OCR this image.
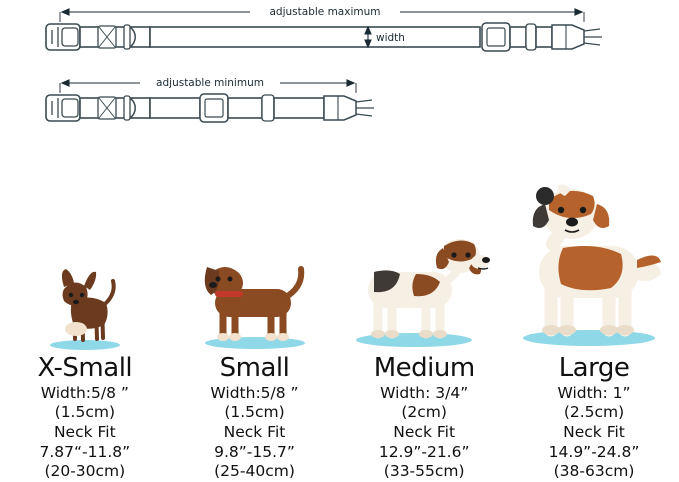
adjustable maximum
width
adjustable minimum
X-Small
Width:5/8 ”
(1.5cm)
Neck Fit
7.87“-11.8”
(20-30cm)
Small
Width:5/8 ”
(1.5cm)
Neck Fit
9.8”-15.7”
(25-40cm)
Medium
Width: 3/4”
(2cm)
Neck Fit
12.9”-21.6”
(33-55cm)
Large
Width: 1”
(2.5cm)
Neck Fit
14.9”-24.8”
(38-63cm)
